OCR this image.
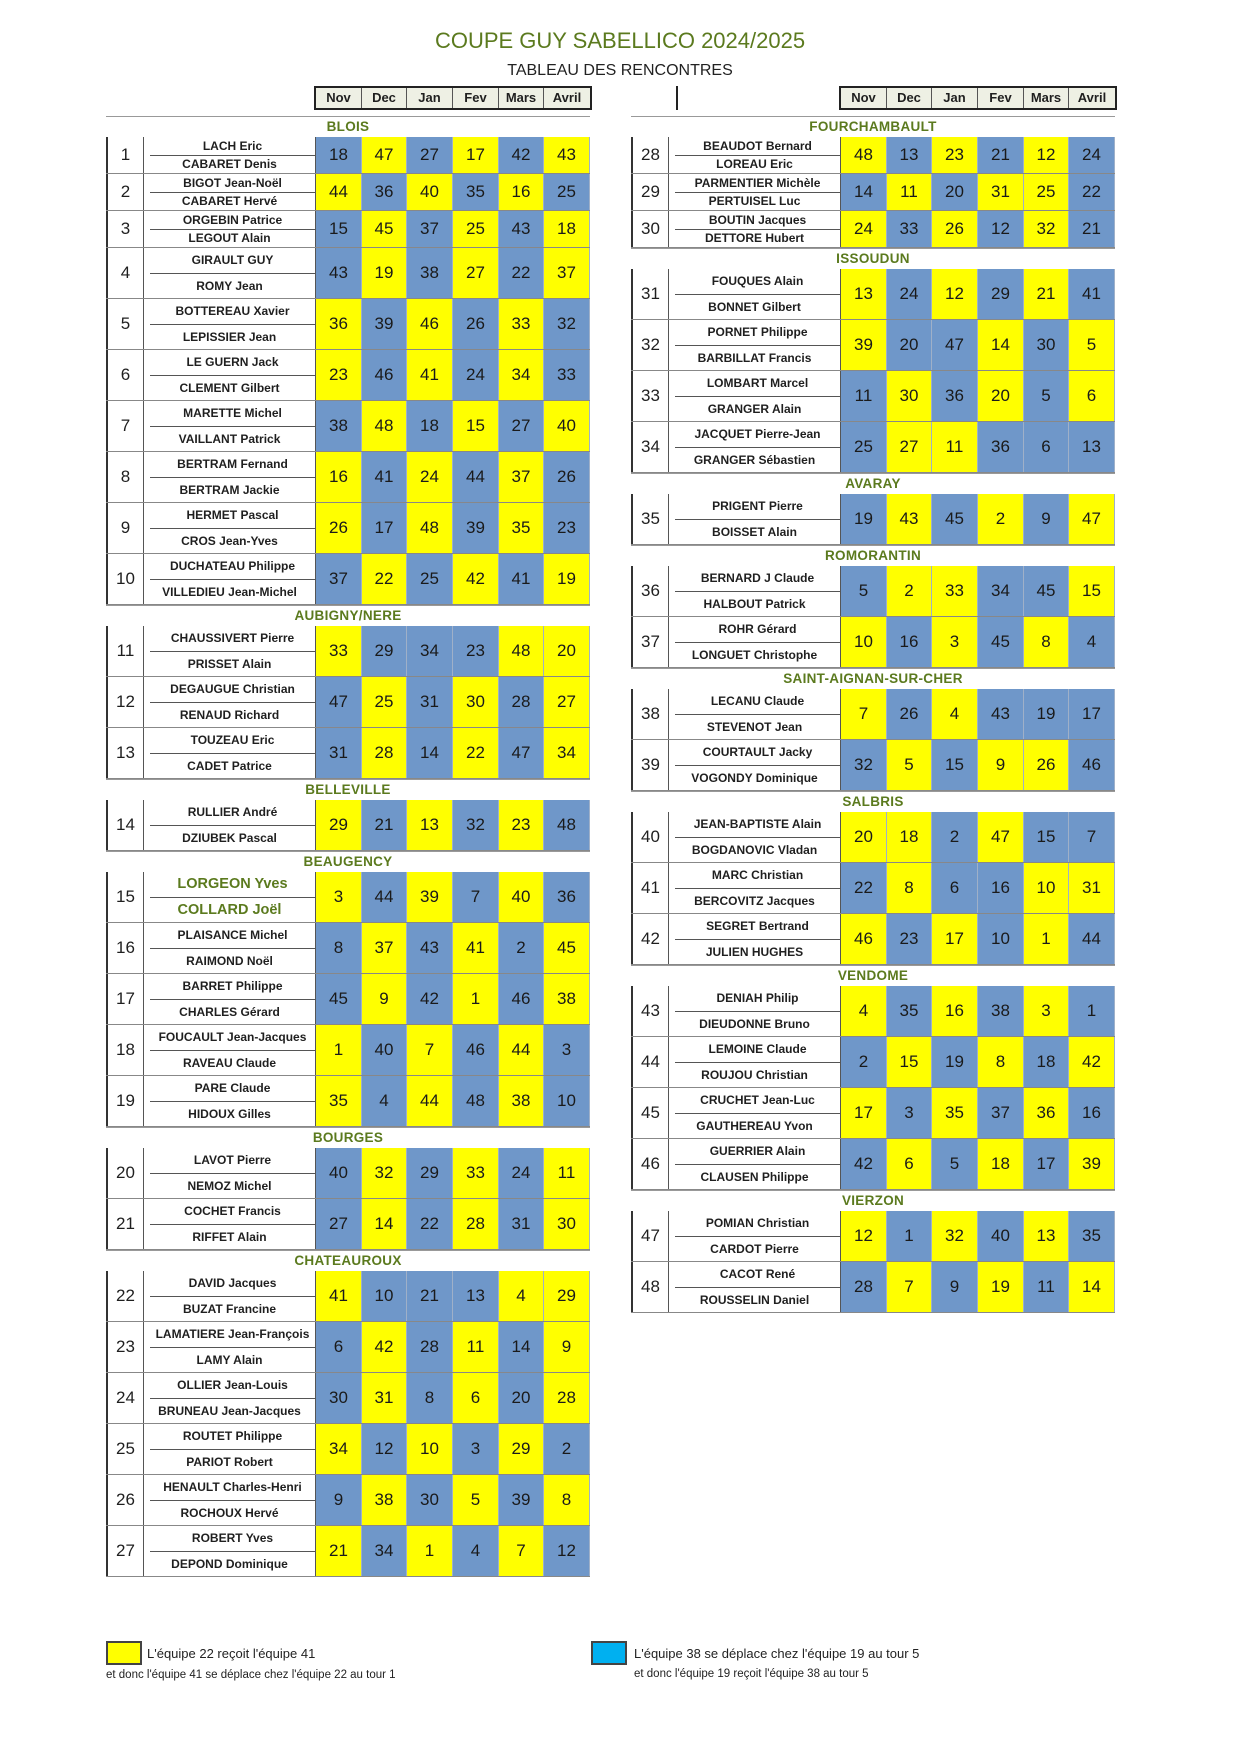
COUPE GUY SABELLICO 2024/2025
TABLEAU DES RENCONTRES
Nov	Dec	Jan	Fev	Mars	Avril	Nov	Dec	Jan	Fev	Mars	Avril
BLOIS
1	LACH Eric
CABARET Denis
18	47	27	17	42	43
2	BIGOT Jean-Noël
CABARET Hervé
44	36	40	35	16	25
3	ORGEBIN Patrice
LEGOUT Alain
15	45	37	25	43	18
4
GIRAULT GUY
ROMY Jean
43	19	38	27	22	37
5
BOTTEREAU Xavier
LEPISSIER Jean
36	39	46	26	33	32
6
LE GUERN Jack
CLEMENT Gilbert
23	46	41	24	34	33
7
MARETTE Michel
VAILLANT Patrick
38	48	18	15	27	40
8
BERTRAM Fernand
BERTRAM Jackie
16	41	24	44	37	26
9
HERMET Pascal
CROS Jean-Yves
26	17	48	39	35	23
10
DUCHATEAU Philippe
VILLEDIEU Jean-Michel
37	22	25	42	41	19
AUBIGNY/NERE
11
CHAUSSIVERT Pierre
PRISSET Alain
33	29	34	23	48	20
12
DEGAUGUE Christian
RENAUD Richard
47	25	31	30	28	27
13
TOUZEAU Eric
CADET Patrice
31	28	14	22	47	34
BELLEVILLE
14
RULLIER André
DZIUBEK Pascal
29	21	13	32	23	48
BEAUGENCY
15
LORGEON Yves
COLLARD Joël
3	44	39	7	40	36
16
PLAISANCE Michel
RAIMOND Noël
8	37	43	41	2	45
17
BARRET Philippe
CHARLES Gérard
45	9	42	1	46	38
18
FOUCAULT Jean-Jacques
RAVEAU Claude
1	40	7	46	44	3
19
PARE Claude
HIDOUX Gilles
35	4	44	48	38	10
BOURGES
20
LAVOT Pierre
NEMOZ Michel
40	32	29	33	24	11
21
COCHET Francis
RIFFET Alain
27	14	22	28	31	30
CHATEAUROUX
22
DAVID Jacques
BUZAT Francine
41	10	21	13	4	29
23
LAMATIERE Jean-François
LAMY Alain
6	42	28	11	14	9
24
OLLIER Jean-Louis
BRUNEAU Jean-Jacques
30	31	8	6	20	28
25
ROUTET Philippe
PARIOT Robert
34	12	10	3	29	2
26
HENAULT Charles-Henri
ROCHOUX Hervé
9	38	30	5	39	8
27
ROBERT Yves
DEPOND Dominique
21	34	1	4	7	12
FOURCHAMBAULT
28	BEAUDOT Bernard
LOREAU Eric
48	13	23	21	12	24
29	PARMENTIER Michèle
PERTUISEL Luc
14	11	20	31	25	22
30	BOUTIN Jacques
DETTORE Hubert
24	33	26	12	32	21
ISSOUDUN
31
FOUQUES Alain
BONNET Gilbert
13	24	12	29	21	41
32
PORNET Philippe
BARBILLAT Francis
39	20	47	14	30	5
33
LOMBART Marcel
GRANGER Alain
11	30	36	20	5	6
34
JACQUET Pierre-Jean
GRANGER Sébastien
25	27	11	36	6	13
AVARAY
35
PRIGENT Pierre
BOISSET Alain
19	43	45	2	9	47
ROMORANTIN
36
BERNARD J Claude
HALBOUT Patrick
5	2	33	34	45	15
37
ROHR Gérard
LONGUET Christophe
10	16	3	45	8	4
SAINT-AIGNAN-SUR-CHER
38
LECANU Claude
STEVENOT Jean
7	26	4	43	19	17
39
COURTAULT Jacky
VOGONDY Dominique
32	5	15	9	26	46
SALBRIS
40
JEAN-BAPTISTE Alain
BOGDANOVIC Vladan
20	18	2	47	15	7
41
MARC Christian
BERCOVITZ Jacques
22	8	6	16	10	31
42
SEGRET Bertrand
JULIEN HUGHES
46	23	17	10	1	44
VENDOME
43
DENIAH Philip
DIEUDONNE Bruno
4	35	16	38	3	1
44
LEMOINE Claude
ROUJOU Christian
2	15	19	8	18	42
45
CRUCHET Jean-Luc
GAUTHEREAU Yvon
17	3	35	37	36	16
46
GUERRIER Alain
CLAUSEN Philippe
42	6	5	18	17	39
VIERZON
47
POMIAN Christian
CARDOT Pierre
12	1	32	40	13	35
48
CACOT René
ROUSSELIN Daniel
28	7	9	19	11	14
L'équipe 22 reçoit l'équipe 41
et donc l'équipe 41 se déplace chez l'équipe 22 au tour 1
L'équipe 38 se déplace chez l'équipe 19 au tour 5
et donc l'équipe 19 reçoit l'équipe 38 au tour 5
